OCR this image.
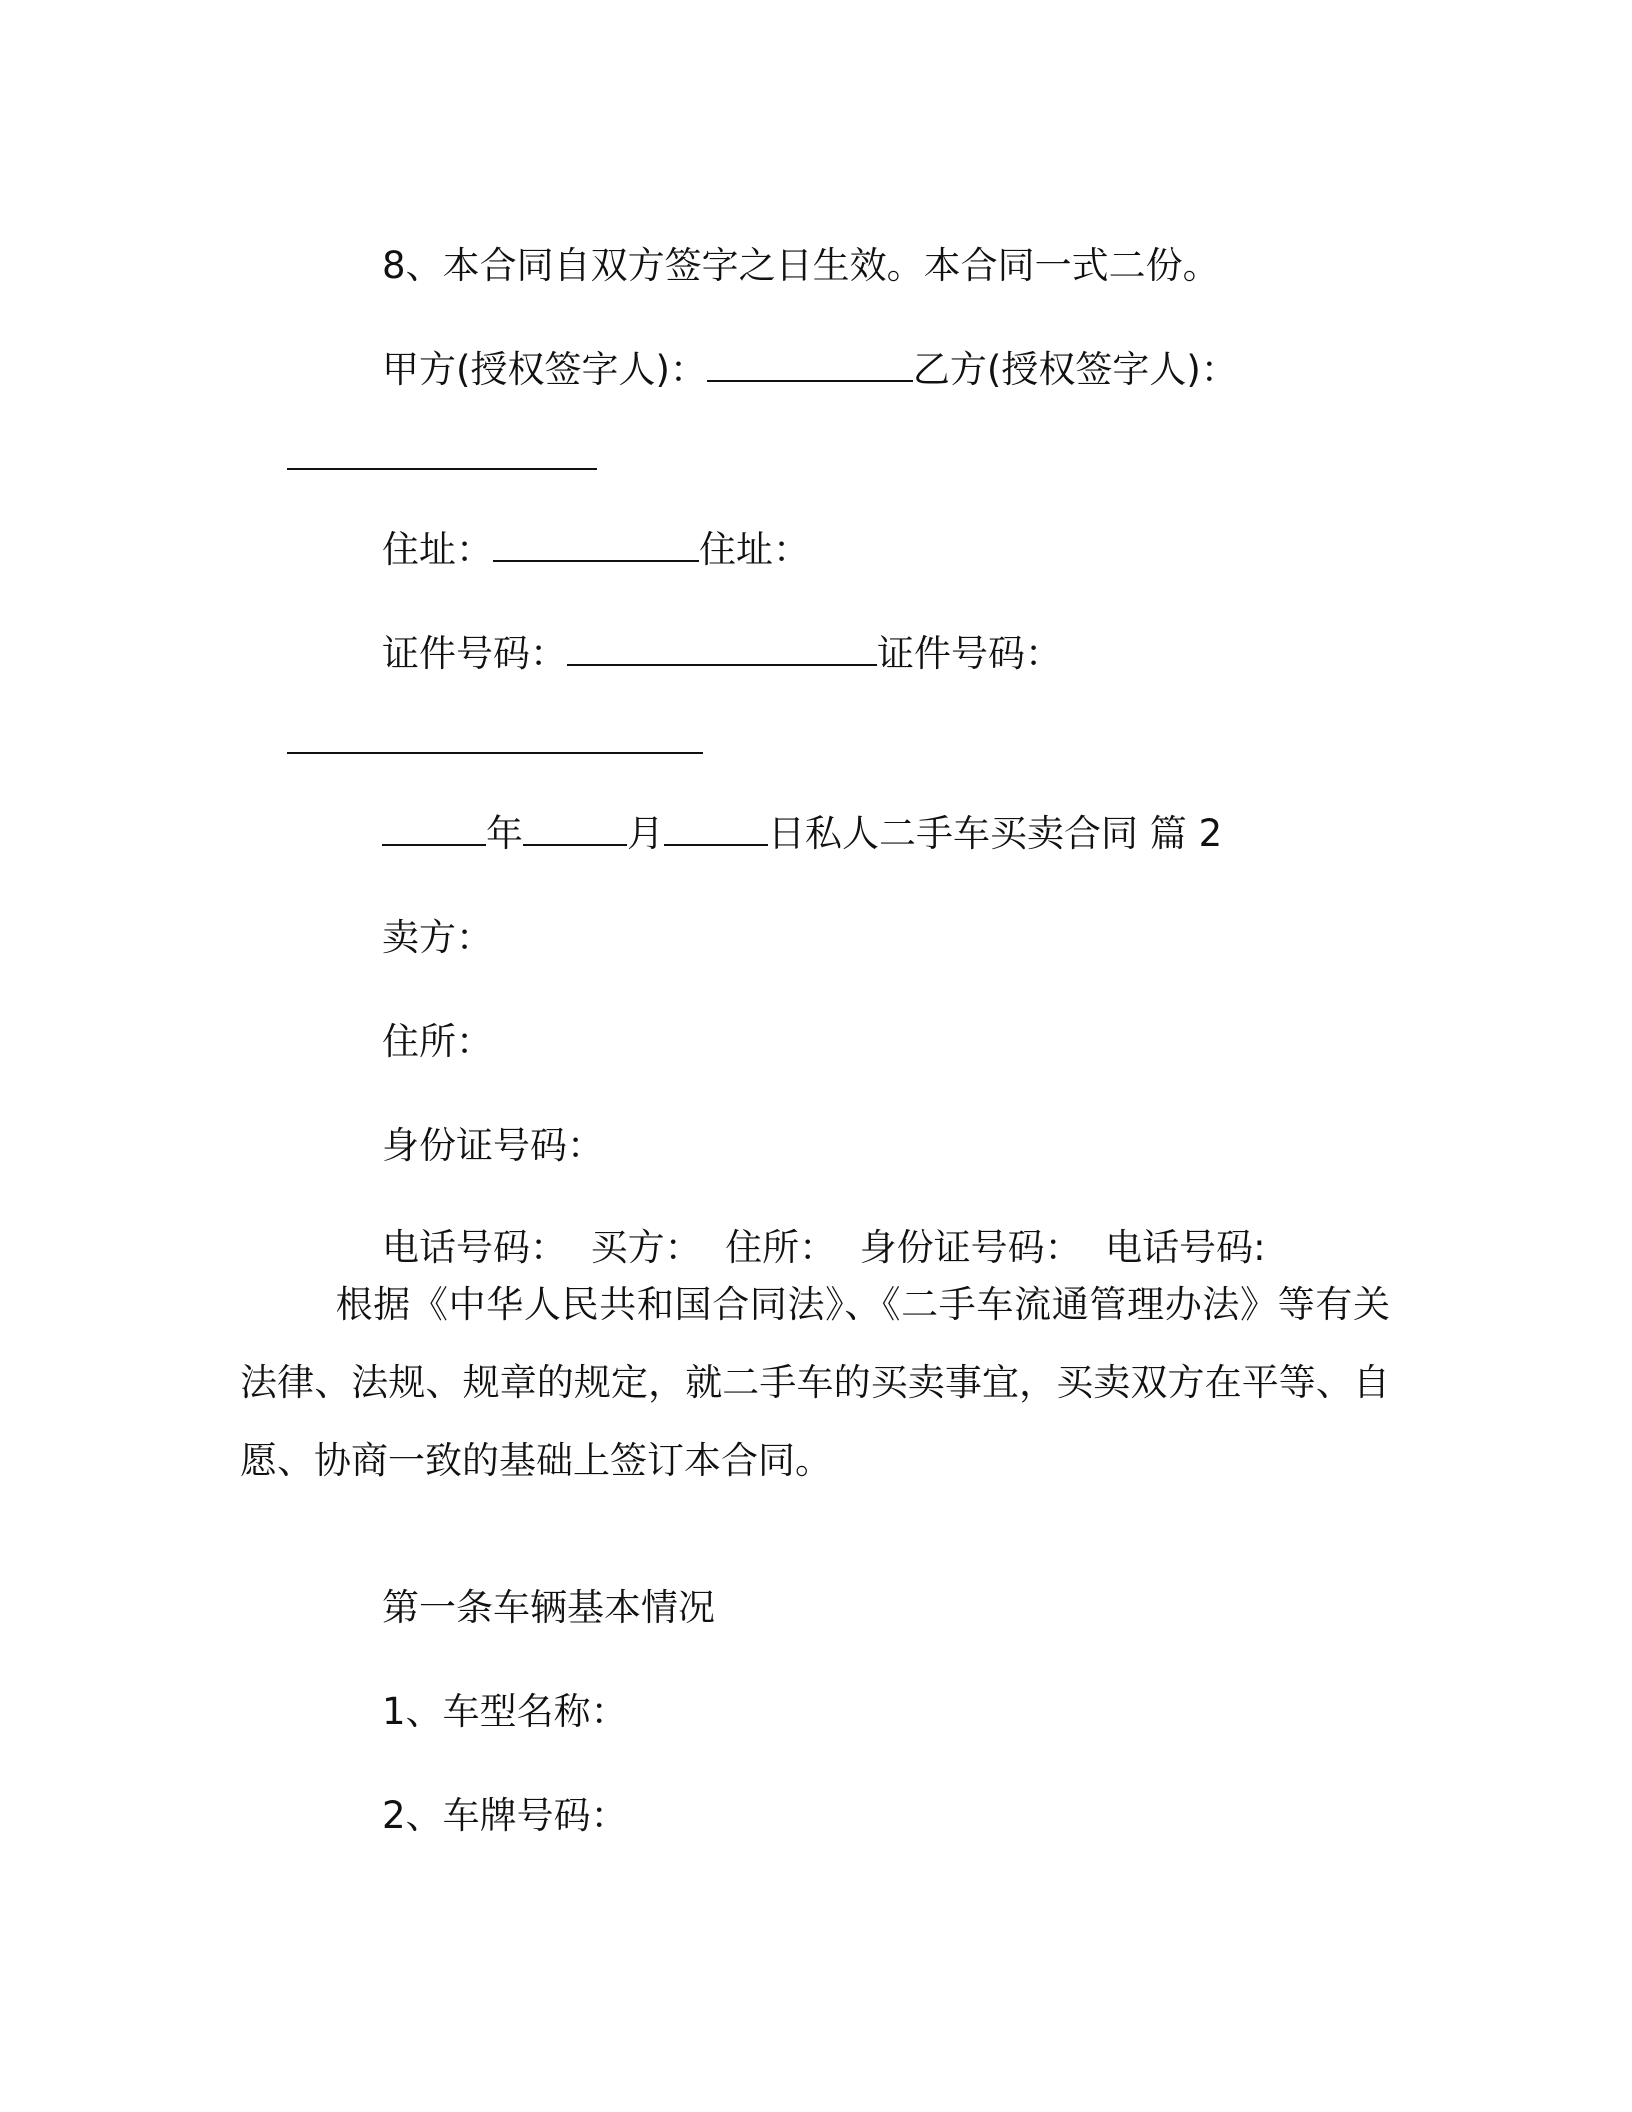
8、本合同自双方签字之日生效。本合同一式二份。

甲方(授权签字人)：	乙方(授权签字人)：

住址：	住址：

证件号码：	证件号码：

年	月	日私人二手车买卖合同 篇 2

卖方：

住所：

身份证号码：

电话号码：  买方：  住所：  身份证号码：  电话号码:

根据《中华人民共和国合同法》、《二手车流通管理办法》等有关法律、法规、规章的规定，就二手车的买卖事宜，买卖双方在平等、自愿、协商一致的基础上签订本合同。

第一条车辆基本情况

1、车型名称：

2、车牌号码：
